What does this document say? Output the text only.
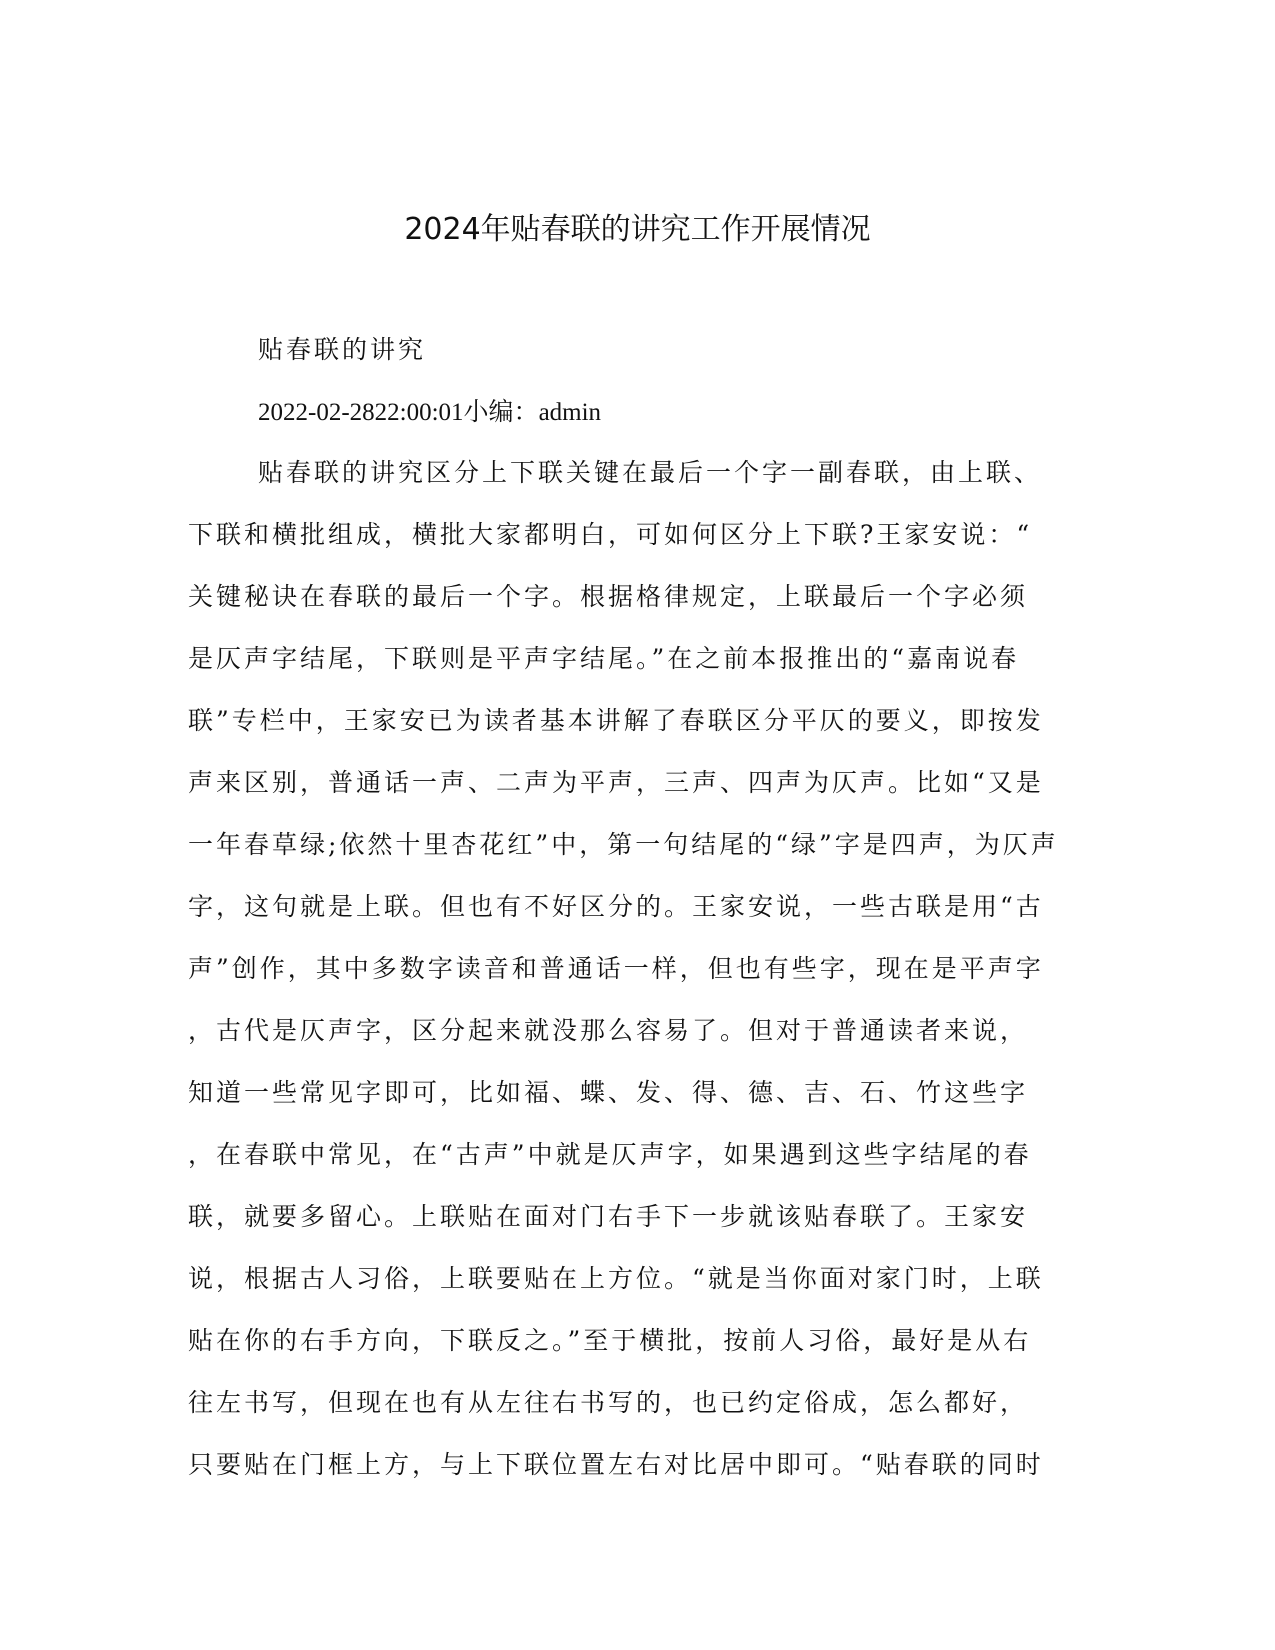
2024年贴春联的讲究工作开展情况
贴春联的讲究
2022-02-2822:00:01小编：admin
贴春联的讲究区分上下联关键在最后一个字一副春联，由上联、
下联和横批组成，横批大家都明白，可如何区分上下联?王家安说：“
关键秘诀在春联的最后一个字。根据格律规定，上联最后一个字必须
是仄声字结尾，下联则是平声字结尾。”在之前本报推出的“嘉南说春
联”专栏中，王家安已为读者基本讲解了春联区分平仄的要义，即按发
声来区别，普通话一声、二声为平声，三声、四声为仄声。比如“又是
一年春草绿;依然十里杏花红”中，第一句结尾的“绿”字是四声，为仄声
字，这句就是上联。但也有不好区分的。王家安说，一些古联是用“古
声”创作，其中多数字读音和普通话一样，但也有些字，现在是平声字
，古代是仄声字，区分起来就没那么容易了。但对于普通读者来说，
知道一些常见字即可，比如福、蝶、发、得、德、吉、石、竹这些字
，在春联中常见，在“古声”中就是仄声字，如果遇到这些字结尾的春
联，就要多留心。上联贴在面对门右手下一步就该贴春联了。王家安
说，根据古人习俗，上联要贴在上方位。“就是当你面对家门时，上联
贴在你的右手方向，下联反之。”至于横批，按前人习俗，最好是从右
往左书写，但现在也有从左往右书写的，也已约定俗成，怎么都好，
只要贴在门框上方，与上下联位置左右对比居中即可。“贴春联的同时
